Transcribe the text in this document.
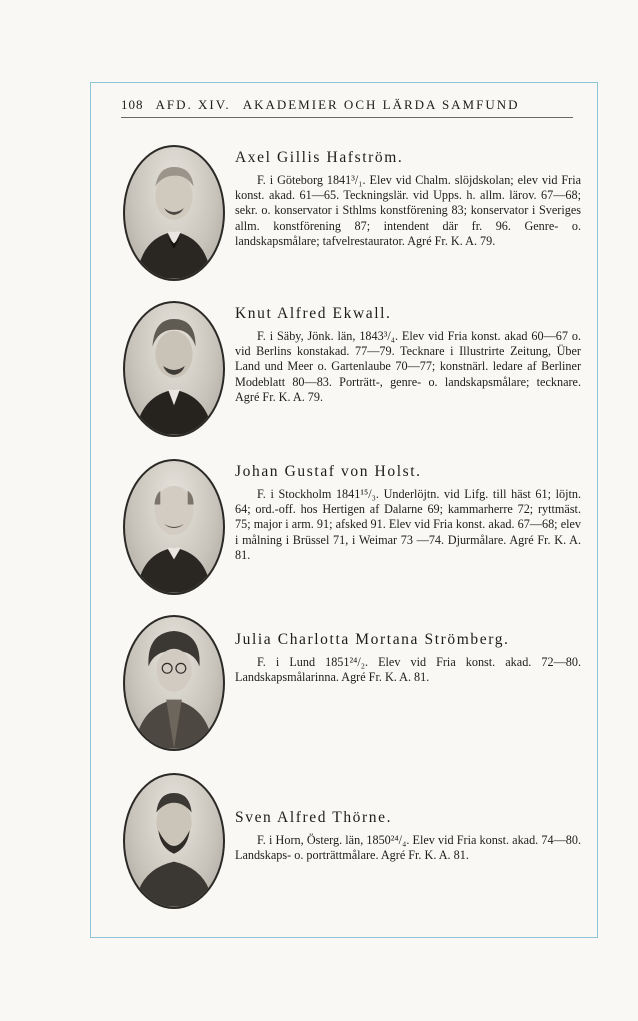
108 AFD. XIV. AKADEMIER OCH LÄRDA SAMFUND
Axel Gillis Hafström.
F. i Göteborg 1841³/₁. Elev vid Chalm. slöjdskolan; elev vid Fria konst. akad. 61—65. Teckningslär. vid Upps. h. allm. lärov. 67—68; sekr. o. konservator i Sthlms konstförening 83; konservator i Sveriges allm. konstförening 87; intendent där fr. 96. Genre- o. landskapsmålare; tafvelrestaurator. Agré Fr. K. A. 79.
Knut Alfred Ekwall.
F. i Säby, Jönk. län, 1843³/₄. Elev vid Fria konst. akad 60—67 o. vid Berlins konstakad. 77—79. Tecknare i Illustrirte Zeitung, Über Land und Meer o. Gartenlaube 70—77; konstnärl. ledare af Berliner Modeblatt 80—83. Porträtt-, genre- o. landskapsmålare; tecknare. Agré Fr. K. A. 79.
Johan Gustaf von Holst.
F. i Stockholm 1841¹⁵/₃. Underlöjtn. vid Lifg. till häst 61; löjtn. 64; ord.-off. hos Hertigen af Dalarne 69; kammarherre 72; ryttmäst. 75; major i arm. 91; afsked 91. Elev vid Fria konst. akad. 67—68; elev i målning i Brüssel 71, i Weimar 73 —74. Djurmålare. Agré Fr. K. A. 81.
Julia Charlotta Mortana Strömberg.
F. i Lund 1851²⁴/₂. Elev vid Fria konst. akad. 72—80. Landskapsmålarinna. Agré Fr. K. A. 81.
Sven Alfred Thörne.
F. i Horn, Österg. län, 1850²⁴/₄. Elev vid Fria konst. akad. 74—80. Landskaps- o. porträttmålare. Agré Fr. K. A. 81.
